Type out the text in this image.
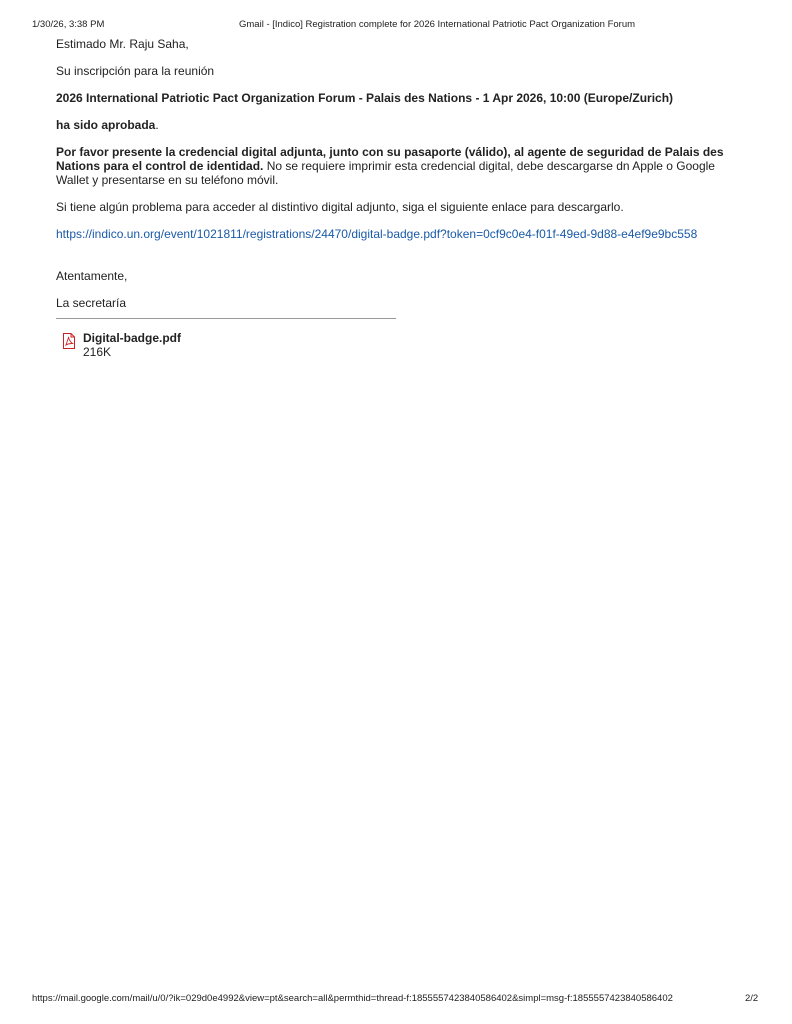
1/30/26, 3:38 PM	Gmail - [Indico] Registration complete for 2026 International Patriotic Pact Organization Forum

Estimado Mr. Raju Saha,

Su inscripción para la reunión

2026 International Patriotic Pact Organization Forum - Palais des Nations - 1 Apr 2026, 10:00 (Europe/Zurich)

ha sido aprobada.

Por favor presente la credencial digital adjunta, junto con su pasaporte (válido), al agente de seguridad de Palais des Nations para el control de identidad. No se requiere imprimir esta credencial digital, debe descargarse dn Apple o Google Wallet y presentarse en su teléfono móvil.

Si tiene algún problema para acceder al distintivo digital adjunto, siga el siguiente enlace para descargarlo.

https://indico.un.org/event/1021811/registrations/24470/digital-badge.pdf?token=0cf9c0e4-f01f-49ed-9d88-e4ef9e9bc558

Atentamente,

La secretaría

Digital-badge.pdf
216K
https://mail.google.com/mail/u/0/?ik=029d0e4992&view=pt&search=all&permthid=thread-f:1855557423840586402&simpl=msg-f:1855557423840586402	2/2
